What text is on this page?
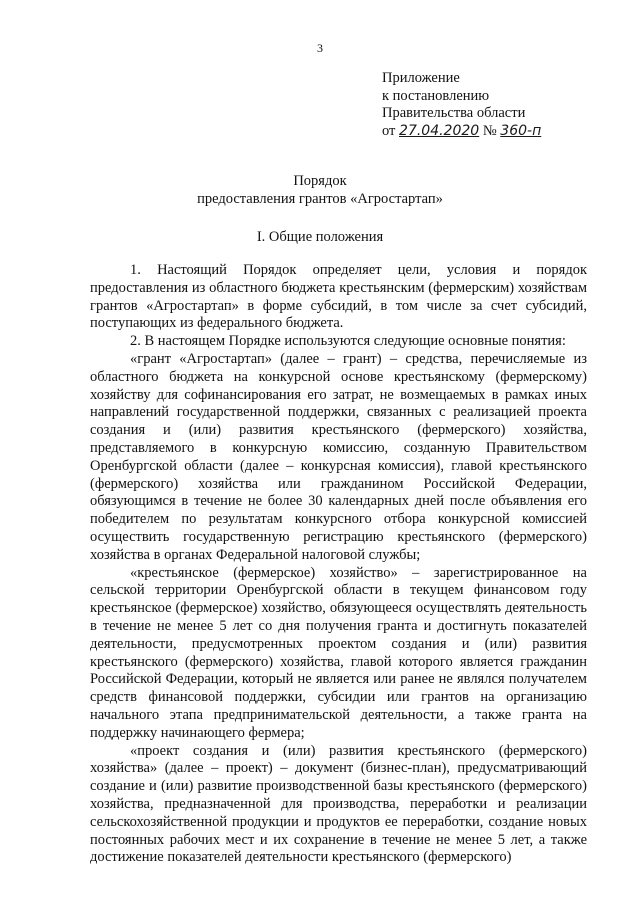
3
Приложение
к постановлению
Правительства области
от 27.04.2020 № 360-п
Порядок
предоставления грантов «Агростартап»
I. Общие положения

1. Настоящий Порядок определяет цели, условия и порядок предоставления из областного бюджета крестьянским (фермерским) хозяйствам грантов «Агростартап» в форме субсидий, в том числе за счет субсидий, поступающих из федерального бюджета.

2. В настоящем Порядке используются следующие основные понятия:

«грант «Агростартап» (далее – грант) – средства, перечисляемые из областного бюджета на конкурсной основе крестьянскому (фермерскому) хозяйству для софинансирования его затрат, не возмещаемых в рамках иных направлений государственной поддержки, связанных с реализацией проекта создания и (или) развития крестьянского (фермерского) хозяйства, представляемого в конкурсную комиссию, созданную Правительством Оренбургской области (далее – конкурсная комиссия), главой крестьянского (фермерского) хозяйства или гражданином Российской Федерации, обязующимся в течение не более 30 календарных дней после объявления его победителем по результатам конкурсного отбора конкурсной комиссией осуществить государственную регистрацию крестьянского (фермерского) хозяйства в органах Федеральной налоговой службы;

«крестьянское (фермерское) хозяйство» – зарегистрированное на сельской территории Оренбургской области в текущем финансовом году крестьянское (фермерское) хозяйство, обязующееся осуществлять деятельность в течение не менее 5 лет со дня получения гранта и достигнуть показателей деятельности, предусмотренных проектом создания и (или) развития крестьянского (фермерского) хозяйства, главой которого является гражданин Российской Федерации, который не является или ранее не являлся получателем средств финансовой поддержки, субсидии или грантов на организацию начального этапа предпринимательской деятельности, а также гранта на поддержку начинающего фермера;

«проект создания и (или) развития крестьянского (фермерского) хозяйства» (далее – проект) – документ (бизнес-план), предусматривающий создание и (или) развитие производственной базы крестьянского (фермерского) хозяйства, предназначенной для производства, переработки и реализации сельскохозяйственной продукции и продуктов ее переработки, создание новых постоянных рабочих мест и их сохранение в течение не менее 5 лет, а также достижение показателей деятельности крестьянского (фермерского)
